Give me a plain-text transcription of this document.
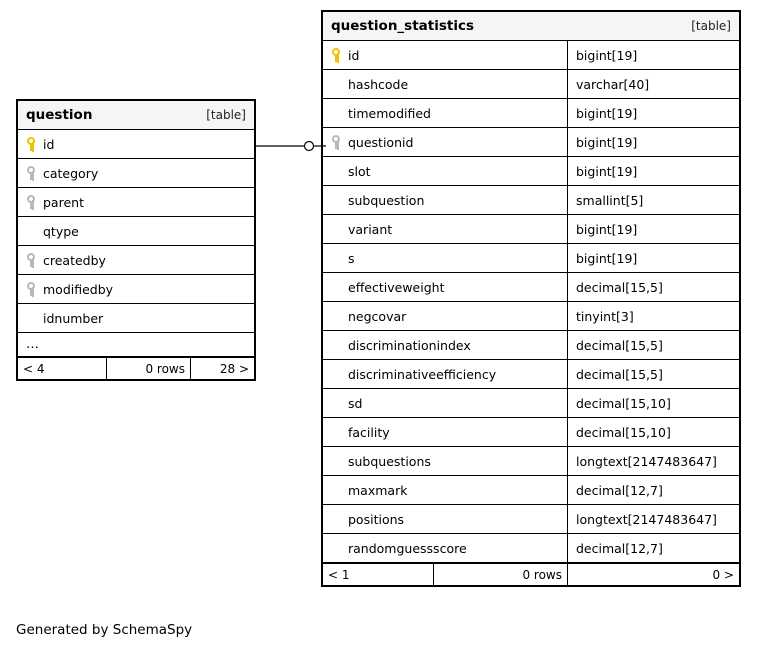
question	[table]
id
category
parent
qtype
createdby
modifiedby
idnumber
…
< 4	0 rows	28 >
question_statistics	[table]
id	bigint[19]
hashcode	varchar[40]
timemodified	bigint[19]
questionid	bigint[19]
slot	bigint[19]
subquestion	smallint[5]
variant	bigint[19]
s	bigint[19]
effectiveweight	decimal[15,5]
negcovar	tinyint[3]
discriminationindex	decimal[15,5]
discriminativeefficiency	decimal[15,5]
sd	decimal[15,10]
facility	decimal[15,10]
subquestions	longtext[2147483647]
maxmark	decimal[12,7]
positions	longtext[2147483647]
randomguessscore	decimal[12,7]
< 1	0 rows	0 >
Generated by SchemaSpy
